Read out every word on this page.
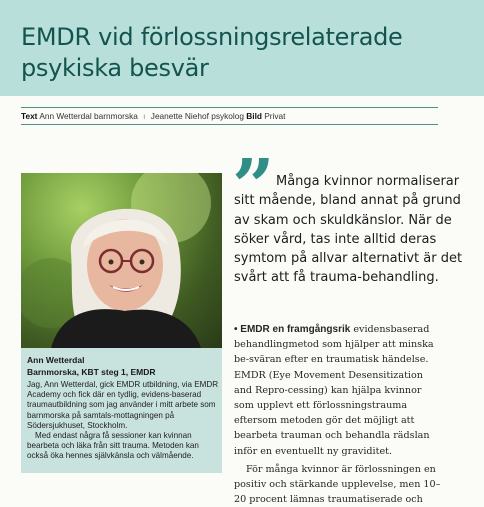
EMDR vid förlossningsrelaterade psykiska besvär
Text Ann Wetterdal barnmorska ı Jeanette Niehof psykolog Bild Privat
Ann Wetterdal
Barnmorska, KBT steg 1, EMDR

Jag, Ann Wetterdal, gick EMDR utbildning, via EMDR Academy och fick där en tydlig, evidens-baserad traumautbildning som jag använder i mitt arbete som barnmorska på samtals-mottagningen på Södersjukhuset, Stockholm.

Med endast några få sessioner kan kvinnan bearbeta och läka från sitt trauma. Metoden kan också öka hennes självkänsla och välmående.

” Många kvinnor normaliserar sitt mående, bland annat på grund av skam och skuldkänslor. När de söker vård, tas inte alltid deras symtom på allvar alternativt är det svårt att få trauma-behandling.

• EMDR en framgångsrik evidensbaserad behandlingmetod som hjälper att minska be-sväran efter en traumatisk händelse. EMDR (Eye Movement Desensitization and Repro-cessing) kan hjälpa kvinnor som upplevt ett förlossningstrauma eftersom metoden gör det möjligt att bearbeta trauman och behandla rädslan inför en eventuellt ny graviditet.

För många kvinnor är förlossningen en positiv och stärkande upplevelse, men 10–20 procent lämnas traumatiserade och
